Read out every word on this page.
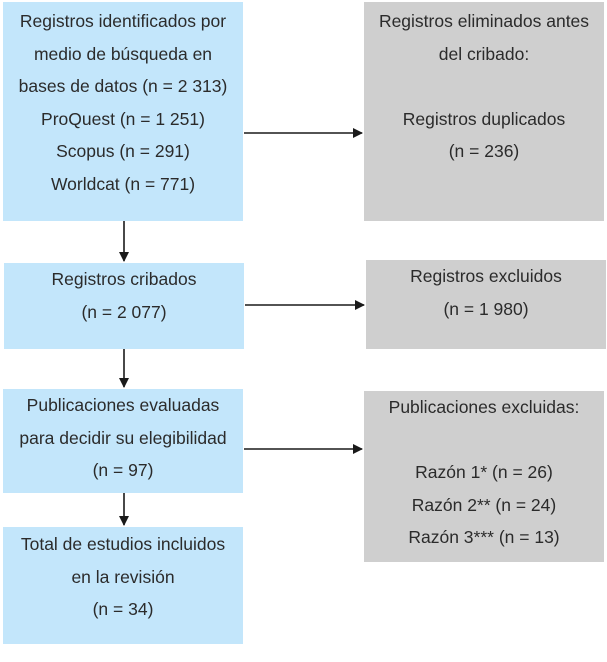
Registros identificados por
medio de búsqueda en
bases de datos (n = 2 313)
ProQuest (n = 1 251)
Scopus (n = 291)
Worldcat (n = 771)
Registros eliminados antes
del cribado:
Registros duplicados
(n = 236)
Registros cribados
(n = 2 077)
Registros excluidos
(n = 1 980)
Publicaciones evaluadas
para decidir su elegibilidad
(n = 97)
Publicaciones excluidas:
Razón 1* (n = 26)
Razón 2** (n = 24)
Razón 3*** (n = 13)
Total de estudios incluidos
en la revisión
(n = 34)
